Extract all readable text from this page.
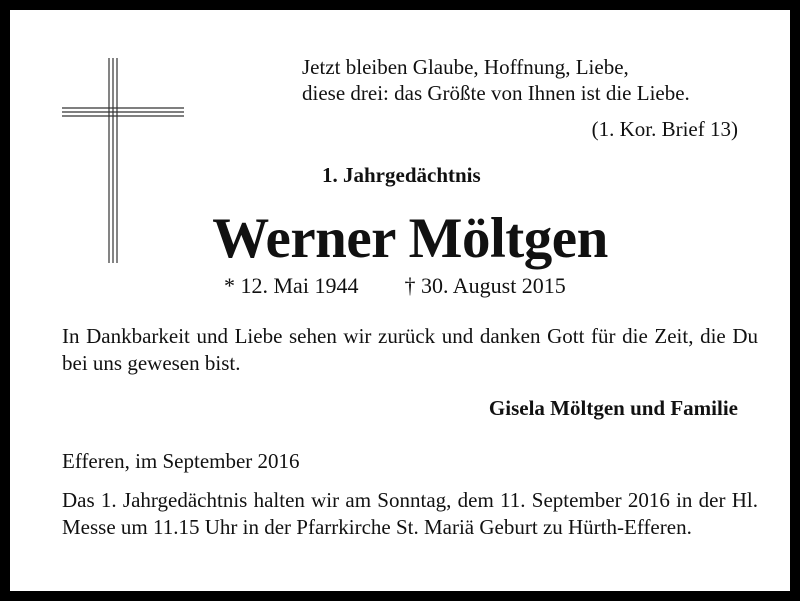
Jetzt bleiben Glaube, Hoffnung, Liebe,
diese drei: das Größte von Ihnen ist die Liebe.
(1. Kor. Brief 13)
1. Jahrgedächtnis
Werner Möltgen
* 12. Mai 1944 † 30. August 2015
In Dankbarkeit und Liebe sehen wir zurück und danken Gott für die Zeit, die Du bei uns gewesen bist.
Gisela Möltgen und Familie
Efferen, im September 2016
Das 1. Jahrgedächtnis halten wir am Sonntag, dem 11. September 2016 in der Hl. Messe um 11.15 Uhr in der Pfarrkirche St. Mariä Geburt zu Hürth-Efferen.
